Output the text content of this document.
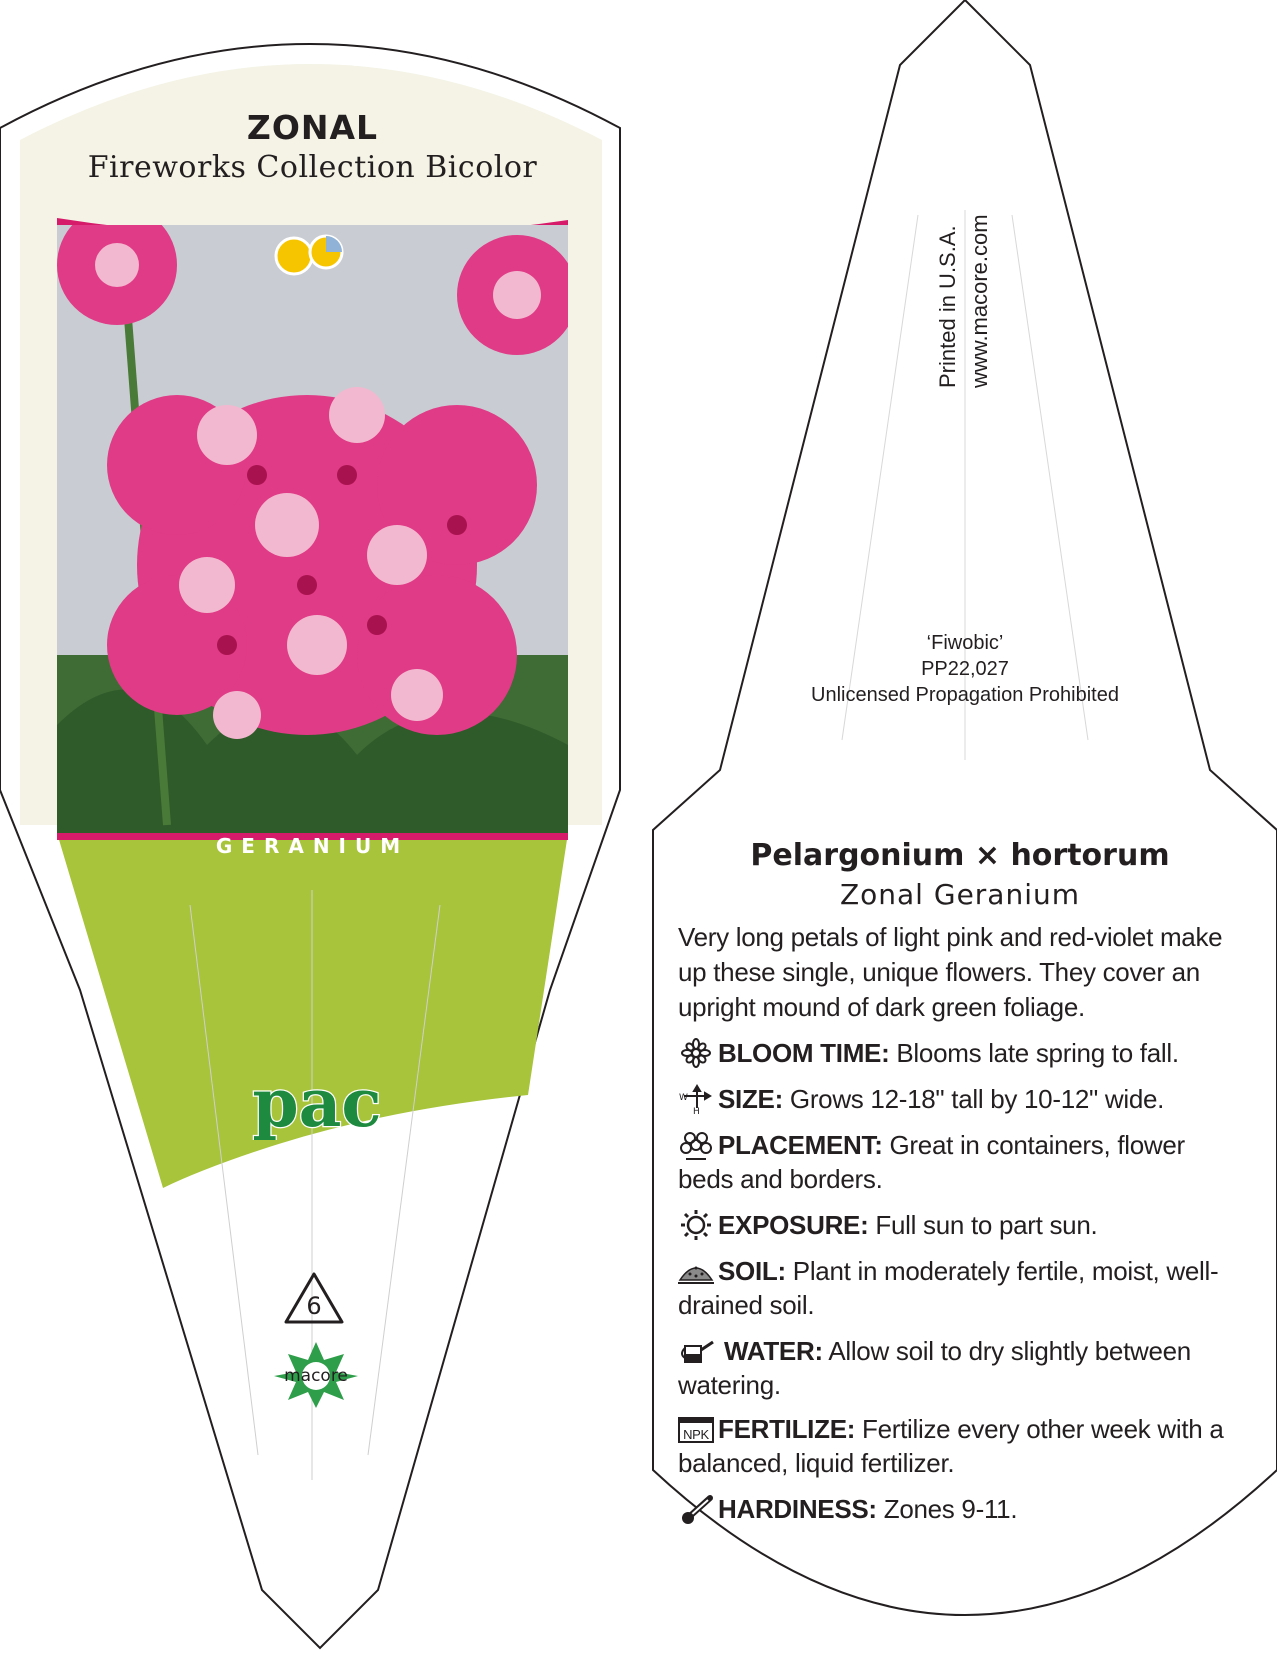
ZONAL
Fireworks Collection Bicolor
GERANIUM
pac
6
macore
Printed in U.S.A. www.macore.com
‘Fiwobic’
PP22,027
Unlicensed Propagation Prohibited
Pelargonium × hortorum
Zonal Geranium
Very long petals of light pink and red-violet make up these single, unique flowers. They cover an upright mound of dark green foliage.
BLOOM TIME: Blooms late spring to fall.
W
H SIZE: Grows 12-18" tall by 10-12" wide.
PLACEMENT: Great in containers, flower beds and borders.
EXPOSURE: Full sun to part sun.
SOIL: Plant in moderately fertile, moist, well-drained soil.
WATER: Allow soil to dry slightly between watering.
NPK FERTILIZE: Fertilize every other week with a balanced, liquid fertilizer.
HARDINESS: Zones 9-11.
